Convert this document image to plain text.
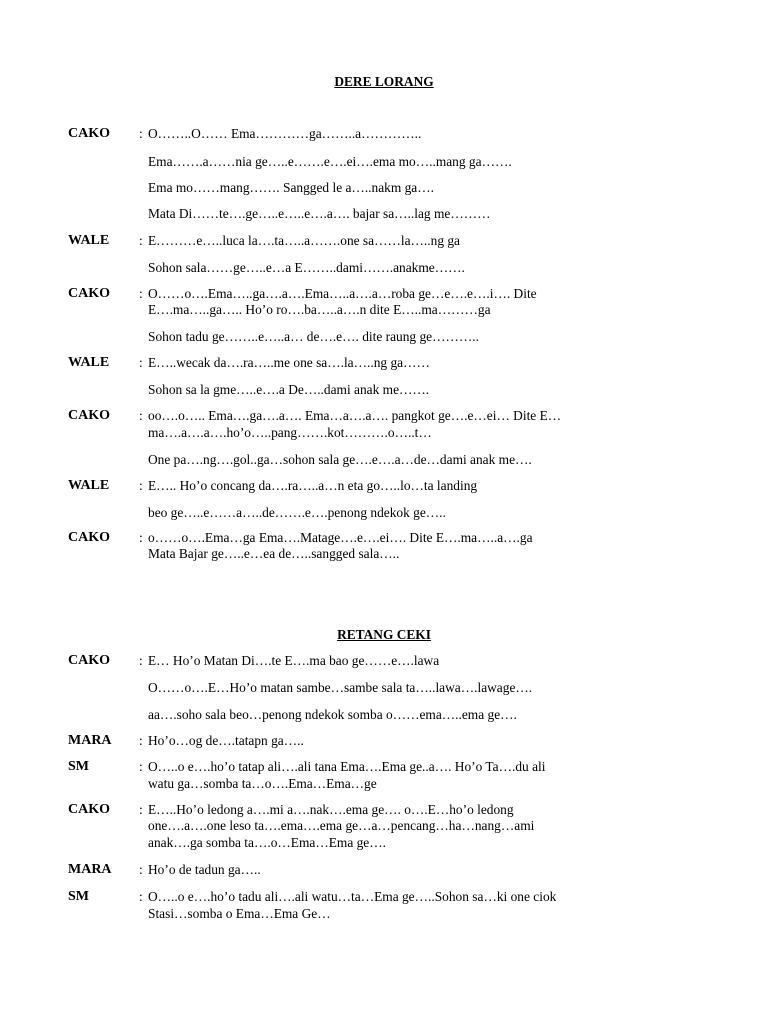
DERE LORANG
CAKO : O……..O…… Ema…………ga……..a…………..
Ema…….a……nia ge…..e…….e….ei….ema mo…..mang ga…….
Ema mo……mang……. Sangged le a…..nakm ga….
Mata Di……te….ge…..e…..e….a…. bajar sa…..lag me………
WALE : E………e…..luca la….ta…..a…….one sa……la…..ng ga
Sohon sala……ge…..e…a E……..dami…….anakme…….
CAKO : O……o….Ema…..ga….a….Ema…..a….a…roba ge…e….e….i…. Dite
E….ma…..ga….. Ho’o ro….ba…..a….n dite E…..ma………ga
Sohon tadu ge……..e…..a… de….e…. dite raung ge………..
WALE : E…..wecak da….ra…..me one sa….la…..ng ga……
Sohon sa la gme…..e….a De…..dami anak me…….
CAKO : oo….o….. Ema….ga….a…. Ema…a….a…. pangkot ge….e…ei… Dite E…
ma….a….a….ho’o…..pang…….kot……….o…..t…
One pa….ng….gol..ga…sohon sala ge….e….a…de…dami anak me….
WALE : E….. Ho’o concang da….ra…..a…n eta go…..lo…ta landing
beo ge…..e……a…..de…….e….penong ndekok ge…..
CAKO : o……o….Ema…ga Ema….Matage….e….ei…. Dite E….ma…..a….ga
Mata Bajar ge…..e…ea de…..sangged sala…..
RETANG CEKI
CAKO : E… Ho’o Matan Di….te E….ma bao ge……e….lawa
O……o….E…Ho’o matan sambe…sambe sala ta…..lawa….lawage….
aa….soho sala beo…penong ndekok somba o……ema…..ema ge….
MARA : Ho’o…og de….tatapn ga…..
SM	: O…..o e….ho’o tatap ali….ali tana Ema….Ema ge..a…. Ho’o Ta….du ali
watu ga…somba ta…o….Ema…Ema…ge
CAKO : E…..Ho’o ledong a….mi a….nak….ema ge…. o….E…ho’o ledong
one….a….one leso ta….ema….ema ge…a…pencang…ha…nang…ami
anak….ga somba ta….o…Ema…Ema ge….
MARA : Ho’o de tadun ga…..
SM	: O…..o e….ho’o tadu ali….ali watu…ta…Ema ge…..Sohon sa…ki one ciok
Stasi…somba o Ema…Ema Ge…
